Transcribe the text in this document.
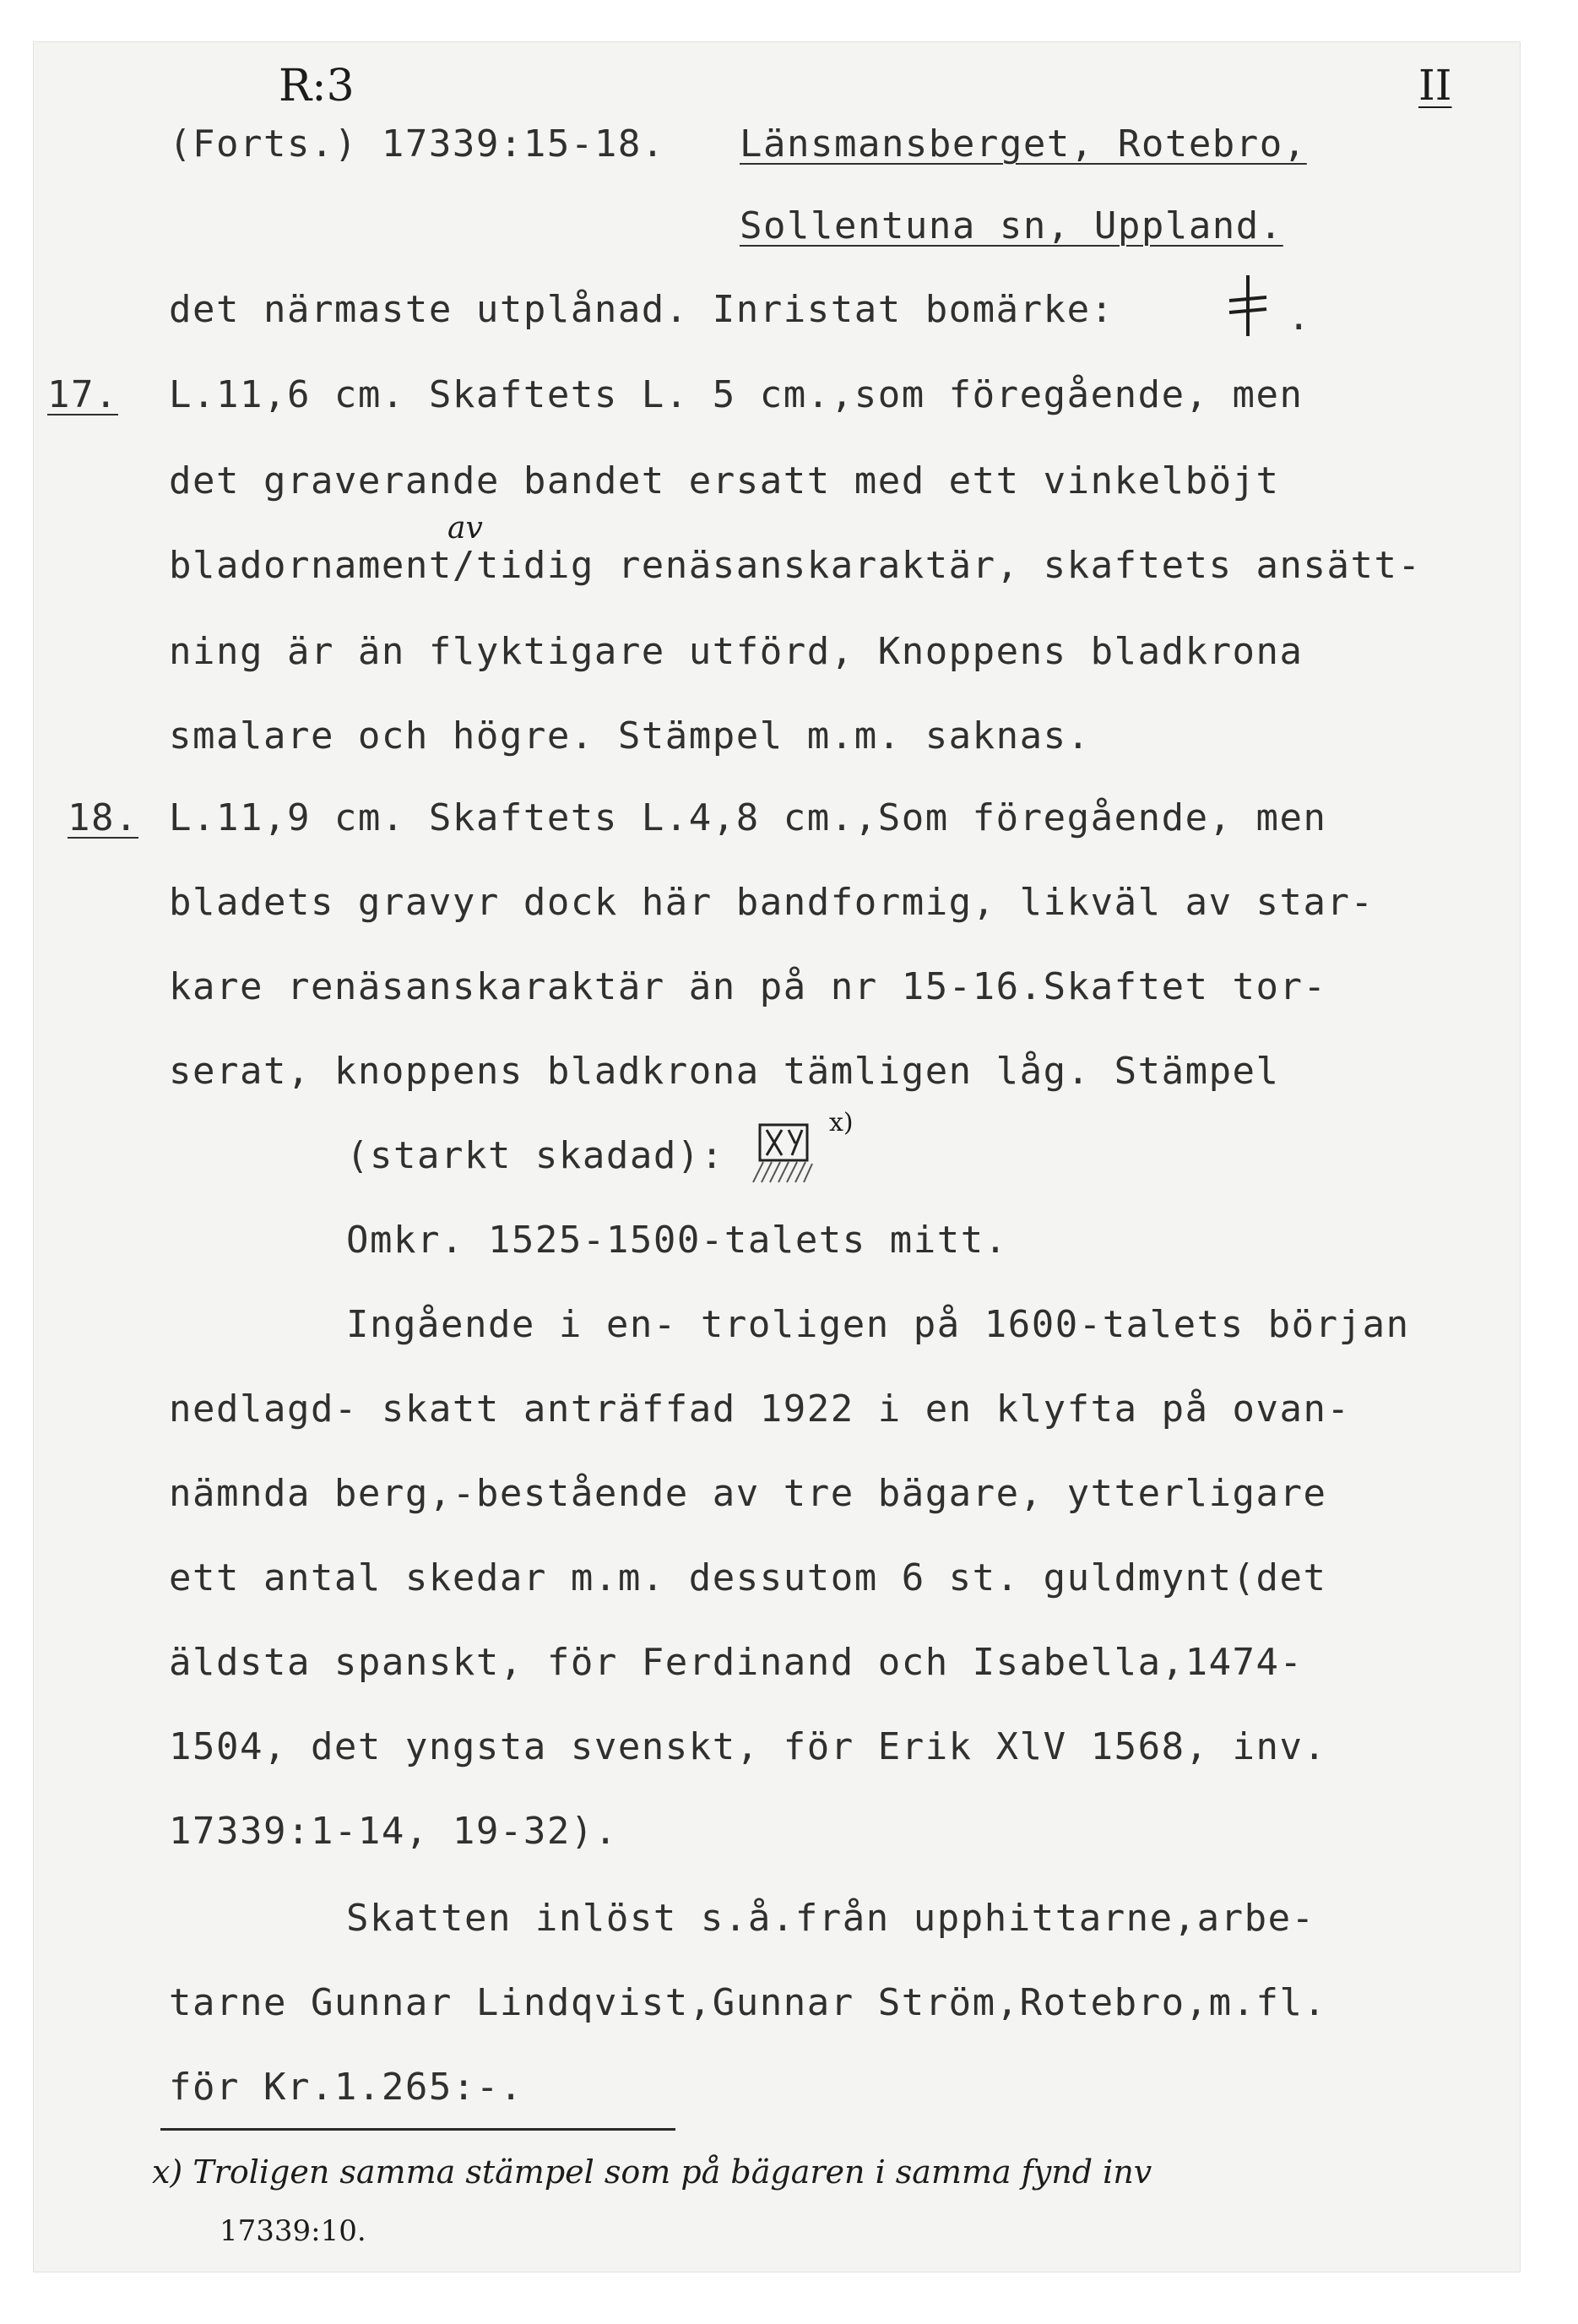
R:3	II
(Forts.) 17339:15-18. Länsmansberget, Rotebro,
Sollentuna sn, Uppland.
det närmaste utplånad. Inristat bomärke:	.
17. L.11,6 cm. Skaftets L. 5 cm.,som föregående, men
det graverande bandet ersatt med ett vinkelböjt
av
bladornament/tidig renäsanskaraktär, skaftets ansätt-
ning är än flyktigare utförd, Knoppens bladkrona
smalare och högre. Stämpel m.m. saknas.
18. L.11,9 cm. Skaftets L.4,8 cm.,Som föregående, men
bladets gravyr dock här bandformig, likväl av star-
kare renäsanskaraktär än på nr 15-16.Skaftet tor-
serat, knoppens bladkrona tämligen låg. Stämpel
(starkt skadad):
x)
Omkr. 1525-1500-talets mitt.
Ingående i en- troligen på 1600-talets början
nedlagd- skatt anträffad 1922 i en klyfta på ovan-
nämnda berg,-bestående av tre bägare, ytterligare
ett antal skedar m.m. dessutom 6 st. guldmynt(det
äldsta spanskt, för Ferdinand och Isabella,1474-
1504, det yngsta svenskt, för Erik XlV 1568, inv.
17339:1-14, 19-32).
Skatten inlöst s.å.från upphittarne,arbe-
tarne Gunnar Lindqvist,Gunnar Ström,Rotebro,m.fl.
för Kr.1.265:-.
x) Troligen samma stämpel som på bägaren i samma fynd inv
17339:10.
